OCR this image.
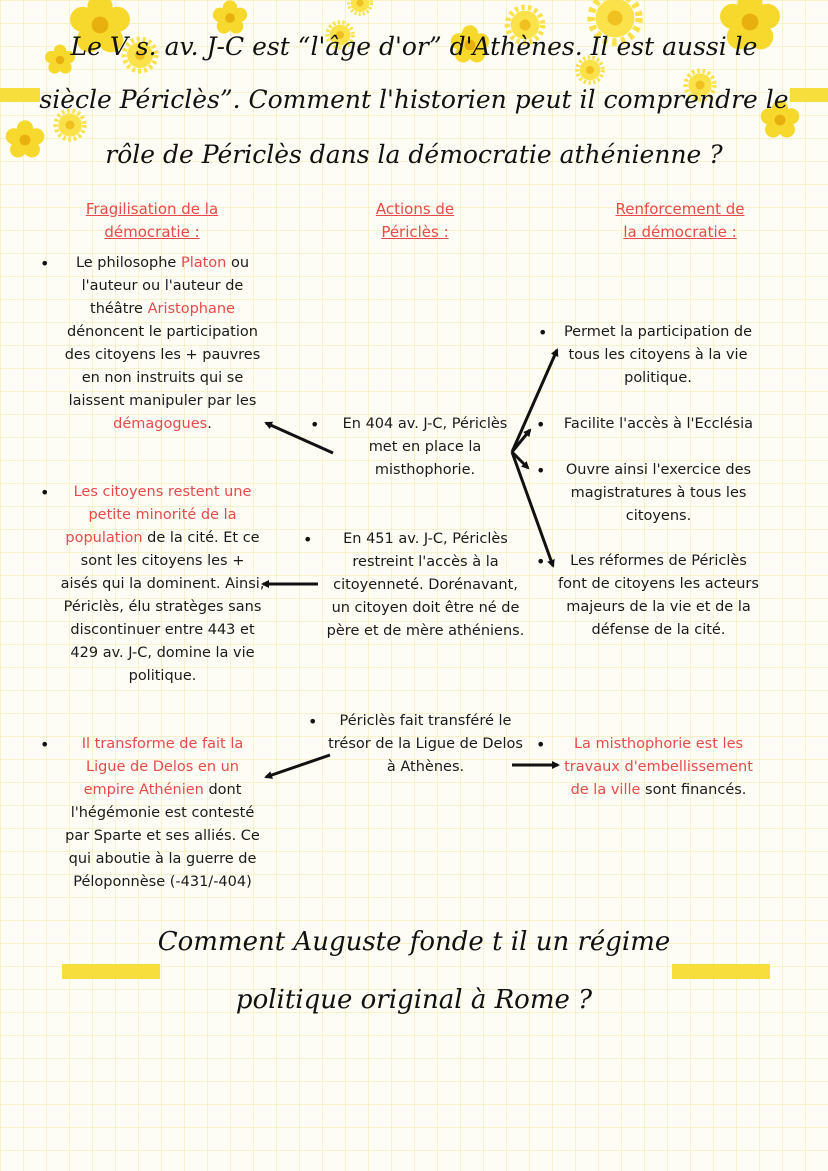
Le V s. av. J-C est “l'âge d'or” d'Athènes. Il est aussi le
siècle Périclès”. Comment l'historien peut il comprendre le
rôle de Périclès dans la démocratie athénienne ?
Fragilisation de la
démocratie :
Actions de
Périclès :
Renforcement de
la démocratie :
• Le philosophe Platon ou l'auteur ou l'auteur de théâtre Aristophane dénoncent le participation des citoyens les + pauvres en non instruits qui se laissent manipuler par les démagogues.
• Les citoyens restent une petite minorité de la population de la cité. Et ce sont les citoyens les + aisés qui la dominent. Ainsi, Périclès, élu stratèges sans discontinuer entre 443 et 429 av. J-C, domine la vie politique.
• Il transforme de fait la Ligue de Delos en un empire Athénien dont l'hégémonie est contesté par Sparte et ses alliés. Ce qui aboutie à la guerre de Péloponnèse (-431/-404)
• En 404 av. J-C, Périclès met en place la misthophorie.
• En 451 av. J-C, Périclès restreint l'accès à la citoyenneté. Dorénavant, un citoyen doit être né de père et de mère athéniens.
• Périclès fait transféré le trésor de la Ligue de Delos à Athènes.
• Permet la participation de tous les citoyens à la vie politique.
• Facilite l'accès à l'Ecclésia
• Ouvre ainsi l'exercice des magistratures à tous les citoyens.
• Les réformes de Périclès font de citoyens les acteurs majeurs de la vie et de la défense de la cité.
• La misthophorie est les travaux d'embellissement de la ville sont financés.
Comment Auguste fonde t il un régime
politique original à Rome ?
